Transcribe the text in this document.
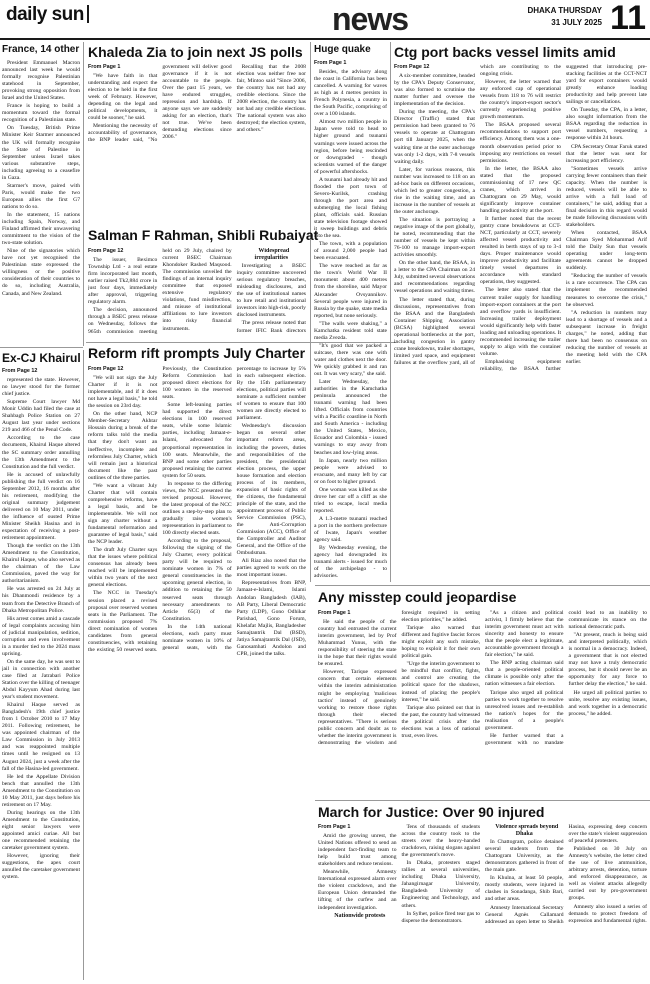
daily sun	news	DHAKA THURSDAY
31 JULY 2025 11
France, 14 other

President Emmanuel Macron announced last week he would formally recognise Palestinian statehood in September, provoking strong opposition from Israel and the United States.

France is hoping to build a momentum toward the formal recognition of a Palestinian state.

On Tuesday, British Prime Minister Keir Starmer announced the UK will formally recognise the State of Palestine in September unless Israel takes various substantive steps, including agreeing to a ceasefire in Gaza.

Starmer's move, paired with Paris, would make the two European allies the first G7 nations to do so.

In the statement, 15 nations including Spain, Norway, and Finland affirmed their unwavering commitment to the vision of the two-state solution.

Nine of the signatories which have not yet recognised the Palestinian state expressed the willingness or the positive consideration of their countries to do so, including Australia, Canada, and New Zealand.

Ex-CJ Khairul
From Page 12

represented the state. However, no lawyer stood for the former chief justice.

Supreme Court lawyer Md Monir Uddin had filed the case at Shahbagh Police Station on 27 August last year under sections 219 and 466 of the Penal Code.

According to the case documents, Khairul Haque altered the SC summary order annulling the 13th Amendment to the Constitution and the full verdict.

He is accused of unlawfully publishing the full verdict on 16 September 2012, 16 months after his retirement, modifying the original summary judgement delivered on 10 May 2011, under the influence of ousted Prime Minister Sheikh Hasina and in expectation of receiving a post-retirement appointment.

Though the verdict on the 13th Amendment to the Constitution, Khairul Haque, who also served as the chairman of the Law Commission, paved the way for authoritarianism.

He was arrested on 24 July at his Dhanmondi residence by a team from the Detective Branch of Dhaka Metropolitan Police.

His arrest comes amid a cascade of legal complaints accusing him of judicial manipulation, sedition, corruption and even involvement in a murder tied to the 2024 mass uprising.

On the same day, he was sent to jail in connection with another case filed at Jatrabari Police Station over the killing of teenager Abdul Kayyum Ahad during last year's student movement.

Khairul Haque served as Bangladesh's 19th chief justice from 1 October 2010 to 17 May 2011. Following retirement, he was appointed chairman of the Law Commission in July 2013 and was reappointed multiple times until he resigned on 13 August 2024, just a week after the fall of the Hasina-led government.

He led the Appellate Division bench that annulled the 13th Amendment to the Constitution on 10 May 2011, just days before his retirement on 17 May.

During hearings on the 13th Amendment to the Constitution, eight senior lawyers were appointed amici curiae. All but one recommended retaining the caretaker government system.

However, ignoring their suggestions, the apex court annulled the caretaker government system.

Khaleda Zia to join next JS polls
From Page 1

"We have faith in that understanding and expect the election to be held in the first week of February. However, depending on the legal and political developments, it could be sooner," he said.

Mentioning the necessity of accountability of governance, the BNP leader said, "No government will deliver good governance if it is not accountable to the people. Over the past 15 years, we have endured struggles, repression and hardship. If anyone says we are suddenly asking for an election, that's not true. We've been demanding elections since 2006."

Recalling that the 2008 election was neither free nor fair, Mintoo said "Since 2006, the country has not had any credible elections. Since the 2008 election, the country has not had any credible elections. The national system was also destroyed; the election system, and others."

Salman F Rahman, Shibli Rubaiyat
From Page 12

The issuer, Beximco Township Ltd - a real estate firm incorporated last month, earlier raised Tk2,884 crore in just four days, immediately after approval, triggering regulatory alarm.

The decision, announced through a BSEC press release on Wednesday, follows the 965th commission meeting held on 29 July, chaired by current BSEC Chairman Khondoker Rashed Maqsood. The commission unveiled the findings of an internal inquiry committee that exposed extensive regulatory violations, fund misdirection, and misuse of institutional affiliations to lure investors into risky financial instruments.

Widespread irregularities

Investigating a BSEC inquiry committee uncovered serious regulatory breaches, misleading disclosures, and the use of institutional names to lure retail and institutional investors into high-risk, poorly disclosed instruments.

The press release noted that former IFIC Bank directors

Reform rift prompts July Charter
From Page 12

"We will not sign the July Charter if it is not implementable, and if it does not have a legal basis," he told the session on 23rd day.

On the other hand, NCP Member-Secretary Akhtar Hossain during a break of the reform talks told the media that they don't want an ineffective, incomplete and reformless July Charter, which will remain just a historical document like the past outlines of the three parties.

"We want a vibrant July Charter that will contain comprehensive reforms, have a legal basis, and be implementable. We will not sign any charter without a fundamental reformation and guarantee of legal basis," said the NCP leader.

The draft July Charter says that the issues where political consensus has already been reached will be implemented within two years of the next general elections.

The NCC in Tuesday's session placed a revised proposal over reserved women seats in the Parliament. The commission proposed 7% direct nomination of women candidates from general constituencies, with retaining the existing 50 reserved seats. Previously, the Constitution Reform Commission had proposed direct elections for 100 women in the reserved seats.

Some left-leaning parties had supported the direct elections in 100 reserved seats, while some Islamic parties, including Jamaat-e-Islami, advocated for proportional representation in 100 seats. Meanwhile, the BNP and some other parties proposed retaining the current system for 50 seats.

In response to the differing views, the NCC presented the revised proposal. However, the latest proposal of the NCC outlines a step-by-step plan to gradually raise women's representation in parliament to 100 directly elected seats.

According to the proposal, following the signing of the July Charter, every political party will be required to nominate women in 7% of general constituencies in the upcoming general election, in addition to retaining the 50 reserved seats through necessary amendments to Article 65(3) of the Constitution.

In the 14th national elections, each party must nominate women in 10% of general seats, with the percentage to increase by 5% in each subsequent election. By the 15th parliamentary elections, political parties will nominate a sufficient number of women to ensure that 100 women are directly elected to parliament.

Wednesday's discussion began on several other important reform areas, including the powers, duties and responsibilities of the president, the presidential election process, the upper house formation and election process of its members, expansion of basic rights of the citizens, the fundamental principle of the state, and the appointment process of Public Service Commission (PSC), the Anti-Corruption Commission (ACC), Office of the Comptroller and Auditor General, and the Office of the Ombudsman.

Ali Riaz also noted that the parties agreed to work on the most important issues.

Representatives from BNP, Jamaat-e-Islami, Islami Andolan Bangladesh (IAB), AB Party, Liberal Democratic Party (LDP), Gono Odhikar Parishad, Gono Forum, Khelafat Majlis, Bangladesher Samajtantrik Dal (BSD), Jatiya Samajtantrik Dal (JSD), Ganosamhati Andolon and CPB, joined the talks.

Huge quake
From Page 1

Besides, the advisory along the coast in California has been cancelled. A warning for waves as high as 4 metres persists in French Polynesia, a country in the South Pacific, comprising of over a 100 islands.

Almost two million people in Japan were told to head to higher ground and tsunami warnings were issued across the region, before being rescinded or downgraded - though scientists warned of the danger of powerful aftershocks.

A tsunami had already hit and flooded the port town of Severo-Kurilsk, crashing through the port area and submerging the local fishing plant, officials said. Russian state television footage showed it sweep buildings and debris into the sea.

The town, with a population of around 2,000 people had been evacuated.

The wave reached as far as the town's World War II monument about 400 metres from the shoreline, said Mayor Alexander Ovsyannikov. Several people were injured in Russia by the quake, state media reported, but none seriously.

"The walls were shaking," a Kamchatka resident told state media Zvezda.

"It's good that we packed a suitcase, there was one with water and clothes next the door. We quickly grabbed it and ran out. It was very scary," she said.

Later Wednesday, the authorities in the Kamchatka peninsula announced the tsunami warning had been lifted. Officials from countries with a Pacific coastline in North and South America - including the United States, Mexico, Ecuador and Colombia - issued warnings to stay away from beaches and low-lying areas.

In Japan, nearly two million people were advised to evacuate, and many left by car or on foot to higher ground.

One woman was killed as she drove her car off a cliff as she tried to escape, local media reported.

A 1.3-metre tsunami reached a port in the northern prefecture of Iwate, Japan's weather agency said.

By Wednesday evening, the agency had downgraded its tsunami alerts - issued for much of the archipelago - to advisories.

Ctg port backs vessel limits amid
From Page 12

A six-member committee, headed by the CPA's Deputy Conservator, was also formed to scrutinise the matter further and oversee the implementation of the decision.

During the meeting, the CPA's Director (Traffic) stated that permission had been granted to 76 vessels to operate at Chattogram port till January 2025, when the waiting time at the outer anchorage was only 1-2 days, with 7-8 vessels waiting daily.

Later, for various reasons, this number was increased to 118 on an ad-hoc basis on different occasions, which led to greater congestion, a rise in the waiting time, and an increase in the number of vessels at the outer anchorage.

The situation is portraying a negative image of the port globally, he noted, recommending that the number of vessels be kept within 76-100 to manage import-export activities smoothly.

On the other hand, the BSAA, in a letter to the CPA Chairman on 24 July, submitted several observations and recommendations regarding vessel operations and waiting times.

The letter stated that, during discussions, representatives from the BSAA and the Bangladesh Container Shipping Association (BCSA) highlighted several operational bottlenecks at the port, including congestion in gantry crane breakdowns, trailer shortages, limited yard space, and equipment failures at the overflow yard, all of which are contributing to the ongoing crisis.

However, the letter warned that any enforced cap of operational vessels from 118 to 76 will restrict the country's import-export sector's currently experiencing positive growth momentum.

The BSAA proposed several recommendations to support port efficiency. Among them was a one-month observation period prior to imposing any restrictions on vessel permissions.

In the letter, the BSAA also stated that the proposed commissioning of 17 new QC cranes, which arrived in Chattogram on 29 May, would significantly improve container handling productivity at the port.

It further noted that the recent gantry crane breakdowns at CCT-NCT, particularly at CCT, severely affected vessel productivity and resulted in berth stays of up to 3-4 days. Proper maintenance would improve productivity and facilitate timely vessel departures in accordance with standard operations, they suggested.

The letter also stated that the current trailer supply for handling import-export containers at the port and overflow yards is insufficient. Increasing trailer deployment would significantly help with faster loading and unloading operations. It recommended increasing the trailer supply to align with the container volume.

Emphasising equipment reliability, the BSAA further suggested that introducing pre-stacking facilities at the CCT-NCT yard for export containers would greatly enhance loading productivity and help prevent late sailings or cancellations.

On Tuesday, the CPA, in a letter, also sought information from the BSAA regarding the reduction in vessel numbers, requesting a response within 24 hours.

CPA Secretary Omar Faruk stated that the letter was sent for increasing port efficiency.

"Sometimes vessels arrive carrying fewer containers than their capacity. When the number is reduced, vessels will be able to arrive with a full load of containers," he said, adding that a final decision in this regard would be made following discussions with stakeholders.

When contacted, BSAA Chairman Syed Mohammad Arif told the Daily Sun that vessels operating under long-term agreements cannot be dropped suddenly.

"Reducing the number of vessels is a rare occurrence. The CPA can implement the recommended measures to overcome the crisis," he observed.

"A reduction in numbers may lead to a shortage of vessels and a subsequent increase in freight charges," he noted, adding that there had been no consensus on reducing the number of vessels at the meeting held with the CPA earlier.

Any misstep could jeopardise
From Page 1

He said the people of the country had entrusted the current interim government, led by Prof Muhammad Yunus, with the responsibility of steering the state in the hope that their rights would be ensured.

However, Tarique expressed concern that certain elements within the interim administration might be employing 'malicious tactics' instead of genuinely working to restore those rights through their elected representatives. "There is serious public concern and doubt as to whether the interim government is demonstrating the wisdom and foresight required in setting election priorities," he added.

Tarique also warned that different and fugitive fascist forces might exploit any such mistake, hoping to exploit it for their own political gain.

"Urge the interim government to be mindful that conflict, fights, and control are creating the political space for the shadows, instead of placing the people's interest," he said.

Tarique also pointed out that in the past, the country had witnessed the political crisis after the elections was a loss of national trust, even lives.

"As a citizen and political activist, I firmly believe that the interim government must act with sincerity and honesty to ensure that the people elect a legitimate, accountable government through a fair election," he said.

The BNP acting chairman said that a people-oriented political climate is possible only after the nation witnesses a fair election.

Tarique also urged all political parties to work together to resolve unresolved issues and re-establish the nation's hopes for the realisation of a people's government.

He further warned that a government with no mandate could lead to an inability to communicate its stance on the national democratic path.

"At present, much is being said and interpreted politically, which is normal in a democracy. Indeed, a government that is not elected may not have a truly democratic process, but it should never be an opportunity for any force to further delay the election," he said.

He urged all political parties to unite, resolve any existing issues, and work together in a democratic process," he added.

March for Justice: Over 90 injured
From Page 1

Amid the growing unrest, the United Nations offered to send an independent fact-finding team to help build trust among stakeholders and reduce tensions.

Meanwhile, Amnesty International expressed alarm over the violent crackdown, and the European Union demanded the lifting of the curfew and an independent investigation.

Nationwide protests

Tens of thousands of students across the country took to the streets over the heavy-handed crackdown, raising slogans against the government's move.

In Dhaka, protesters staged rallies at several universities, including Dhaka University, Jahangirnagar University, Bangladesh University of Engineering and Technology, and others.

In Sylhet, police fired tear gas to disperse the demonstrators.

Violence spreads beyond Dhaka

In Chattogram, police detained several students from the Chattogram University, as the demonstrators gathered in front of the main gate.

In Khulna, at least 50 people, mostly students, were injured in clashes in Sonadanga, Shib Bari, and other areas.

Amnesty International Secretary General Agnès Callamard addressed an open letter to Sheikh Hasina, expressing deep concern over the state's violent suppression of peaceful protesters.

Published on 30 July on Amnesty's website, the letter cited the use of live ammunition, arbitrary arrests, detention, torture and enforced disappearance, as well as violent attacks allegedly carried out by pro-government groups.

Amnesty also issued a series of demands to protect freedom of expression and fundamental rights.
